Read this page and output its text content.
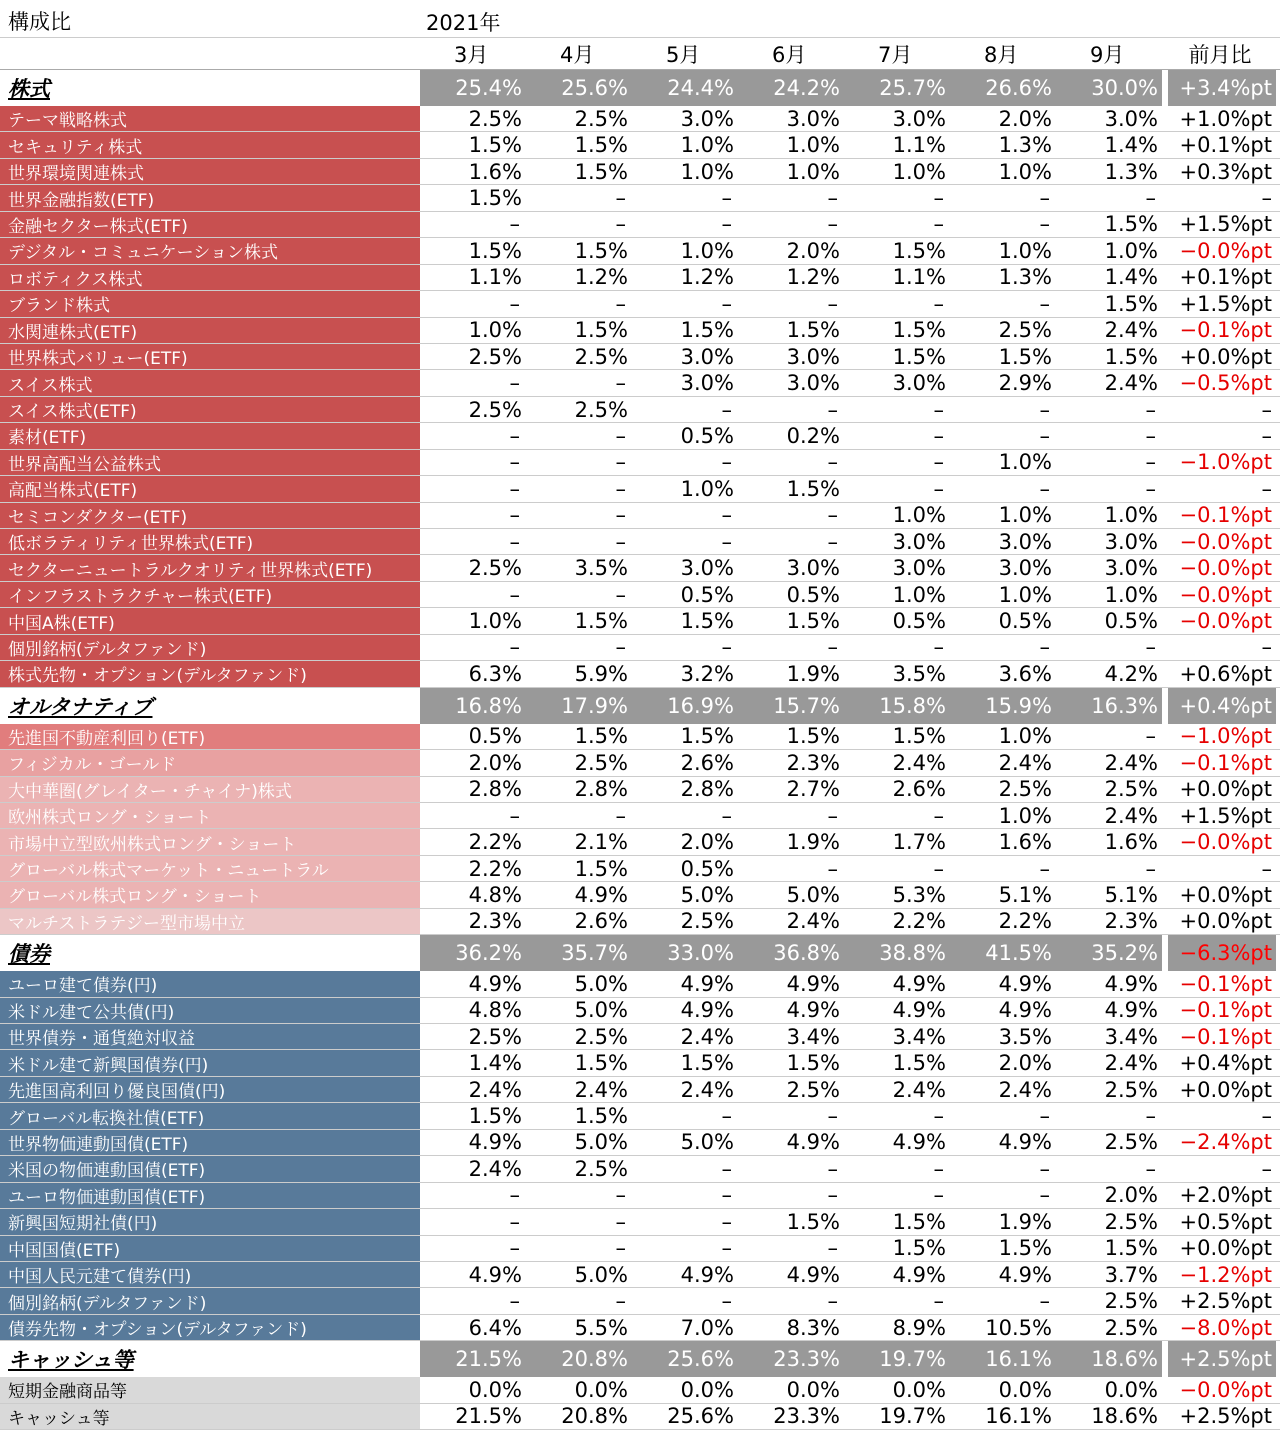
構成比	2021年
3月	4月	5月	6月	7月	8月	9月	前月比
株式	25.4%	25.6%	24.4%	24.2%	25.7%	26.6%	30.0%	+3.4%pt
テーマ戦略株式	2.5%	2.5%	3.0%	3.0%	3.0%	2.0%	3.0%	+1.0%pt
セキュリティ株式	1.5%	1.5%	1.0%	1.0%	1.1%	1.3%	1.4%	+0.1%pt
世界環境関連株式	1.6%	1.5%	1.0%	1.0%	1.0%	1.0%	1.3%	+0.3%pt
世界金融指数(ETF)	1.5%	–	–	–	–	–	–	–
金融セクター株式(ETF)	–	–	–	–	–	–	1.5%	+1.5%pt
デジタル・コミュニケーション株式	1.5%	1.5%	1.0%	2.0%	1.5%	1.0%	1.0%	−0.0%pt
ロボティクス株式	1.1%	1.2%	1.2%	1.2%	1.1%	1.3%	1.4%	+0.1%pt
ブランド株式	–	–	–	–	–	–	1.5%	+1.5%pt
水関連株式(ETF)	1.0%	1.5%	1.5%	1.5%	1.5%	2.5%	2.4%	−0.1%pt
世界株式バリュー(ETF)	2.5%	2.5%	3.0%	3.0%	1.5%	1.5%	1.5%	+0.0%pt
スイス株式	–	–	3.0%	3.0%	3.0%	2.9%	2.4%	−0.5%pt
スイス株式(ETF)	2.5%	2.5%	–	–	–	–	–	–
素材(ETF)	–	–	0.5%	0.2%	–	–	–	–
世界高配当公益株式	–	–	–	–	–	1.0%	–	−1.0%pt
高配当株式(ETF)	–	–	1.0%	1.5%	–	–	–	–
セミコンダクター(ETF)	–	–	–	–	1.0%	1.0%	1.0%	−0.1%pt
低ボラティリティ世界株式(ETF)	–	–	–	–	3.0%	3.0%	3.0%	−0.0%pt
セクターニュートラルクオリティ世界株式(ETF)	2.5%	3.5%	3.0%	3.0%	3.0%	3.0%	3.0%	−0.0%pt
インフラストラクチャー株式(ETF)	–	–	0.5%	0.5%	1.0%	1.0%	1.0%	−0.0%pt
中国A株(ETF)	1.0%	1.5%	1.5%	1.5%	0.5%	0.5%	0.5%	−0.0%pt
個別銘柄(デルタファンド)	–	–	–	–	–	–	–	–
株式先物・オプション(デルタファンド)	6.3%	5.9%	3.2%	1.9%	3.5%	3.6%	4.2%	+0.6%pt
オルタナティブ	16.8%	17.9%	16.9%	15.7%	15.8%	15.9%	16.3%	+0.4%pt
先進国不動産利回り(ETF)	0.5%	1.5%	1.5%	1.5%	1.5%	1.0%	–	−1.0%pt
フィジカル・ゴールド	2.0%	2.5%	2.6%	2.3%	2.4%	2.4%	2.4%	−0.1%pt
大中華圏(グレイター・チャイナ)株式	2.8%	2.8%	2.8%	2.7%	2.6%	2.5%	2.5%	+0.0%pt
欧州株式ロング・ショート	–	–	–	–	–	1.0%	2.4%	+1.5%pt
市場中立型欧州株式ロング・ショート	2.2%	2.1%	2.0%	1.9%	1.7%	1.6%	1.6%	−0.0%pt
グローバル株式マーケット・ニュートラル	2.2%	1.5%	0.5%	–	–	–	–	–
グローバル株式ロング・ショート	4.8%	4.9%	5.0%	5.0%	5.3%	5.1%	5.1%	+0.0%pt
マルチストラテジー型市場中立	2.3%	2.6%	2.5%	2.4%	2.2%	2.2%	2.3%	+0.0%pt
債券	36.2%	35.7%	33.0%	36.8%	38.8%	41.5%	35.2%	−6.3%pt
ユーロ建て債券(円)	4.9%	5.0%	4.9%	4.9%	4.9%	4.9%	4.9%	−0.1%pt
米ドル建て公共債(円)	4.8%	5.0%	4.9%	4.9%	4.9%	4.9%	4.9%	−0.1%pt
世界債券・通貨絶対収益	2.5%	2.5%	2.4%	3.4%	3.4%	3.5%	3.4%	−0.1%pt
米ドル建て新興国債券(円)	1.4%	1.5%	1.5%	1.5%	1.5%	2.0%	2.4%	+0.4%pt
先進国高利回り優良国債(円)	2.4%	2.4%	2.4%	2.5%	2.4%	2.4%	2.5%	+0.0%pt
グローバル転換社債(ETF)	1.5%	1.5%	–	–	–	–	–	–
世界物価連動国債(ETF)	4.9%	5.0%	5.0%	4.9%	4.9%	4.9%	2.5%	−2.4%pt
米国の物価連動国債(ETF)	2.4%	2.5%	–	–	–	–	–	–
ユーロ物価連動国債(ETF)	–	–	–	–	–	–	2.0%	+2.0%pt
新興国短期社債(円)	–	–	–	1.5%	1.5%	1.9%	2.5%	+0.5%pt
中国国債(ETF)	–	–	–	–	1.5%	1.5%	1.5%	+0.0%pt
中国人民元建て債券(円)	4.9%	5.0%	4.9%	4.9%	4.9%	4.9%	3.7%	−1.2%pt
個別銘柄(デルタファンド)	–	–	–	–	–	–	2.5%	+2.5%pt
債券先物・オプション(デルタファンド)	6.4%	5.5%	7.0%	8.3%	8.9%	10.5%	2.5%	−8.0%pt
キャッシュ等	21.5%	20.8%	25.6%	23.3%	19.7%	16.1%	18.6%	+2.5%pt
短期金融商品等	0.0%	0.0%	0.0%	0.0%	0.0%	0.0%	0.0%	−0.0%pt
キャッシュ等	21.5%	20.8%	25.6%	23.3%	19.7%	16.1%	18.6%	+2.5%pt
